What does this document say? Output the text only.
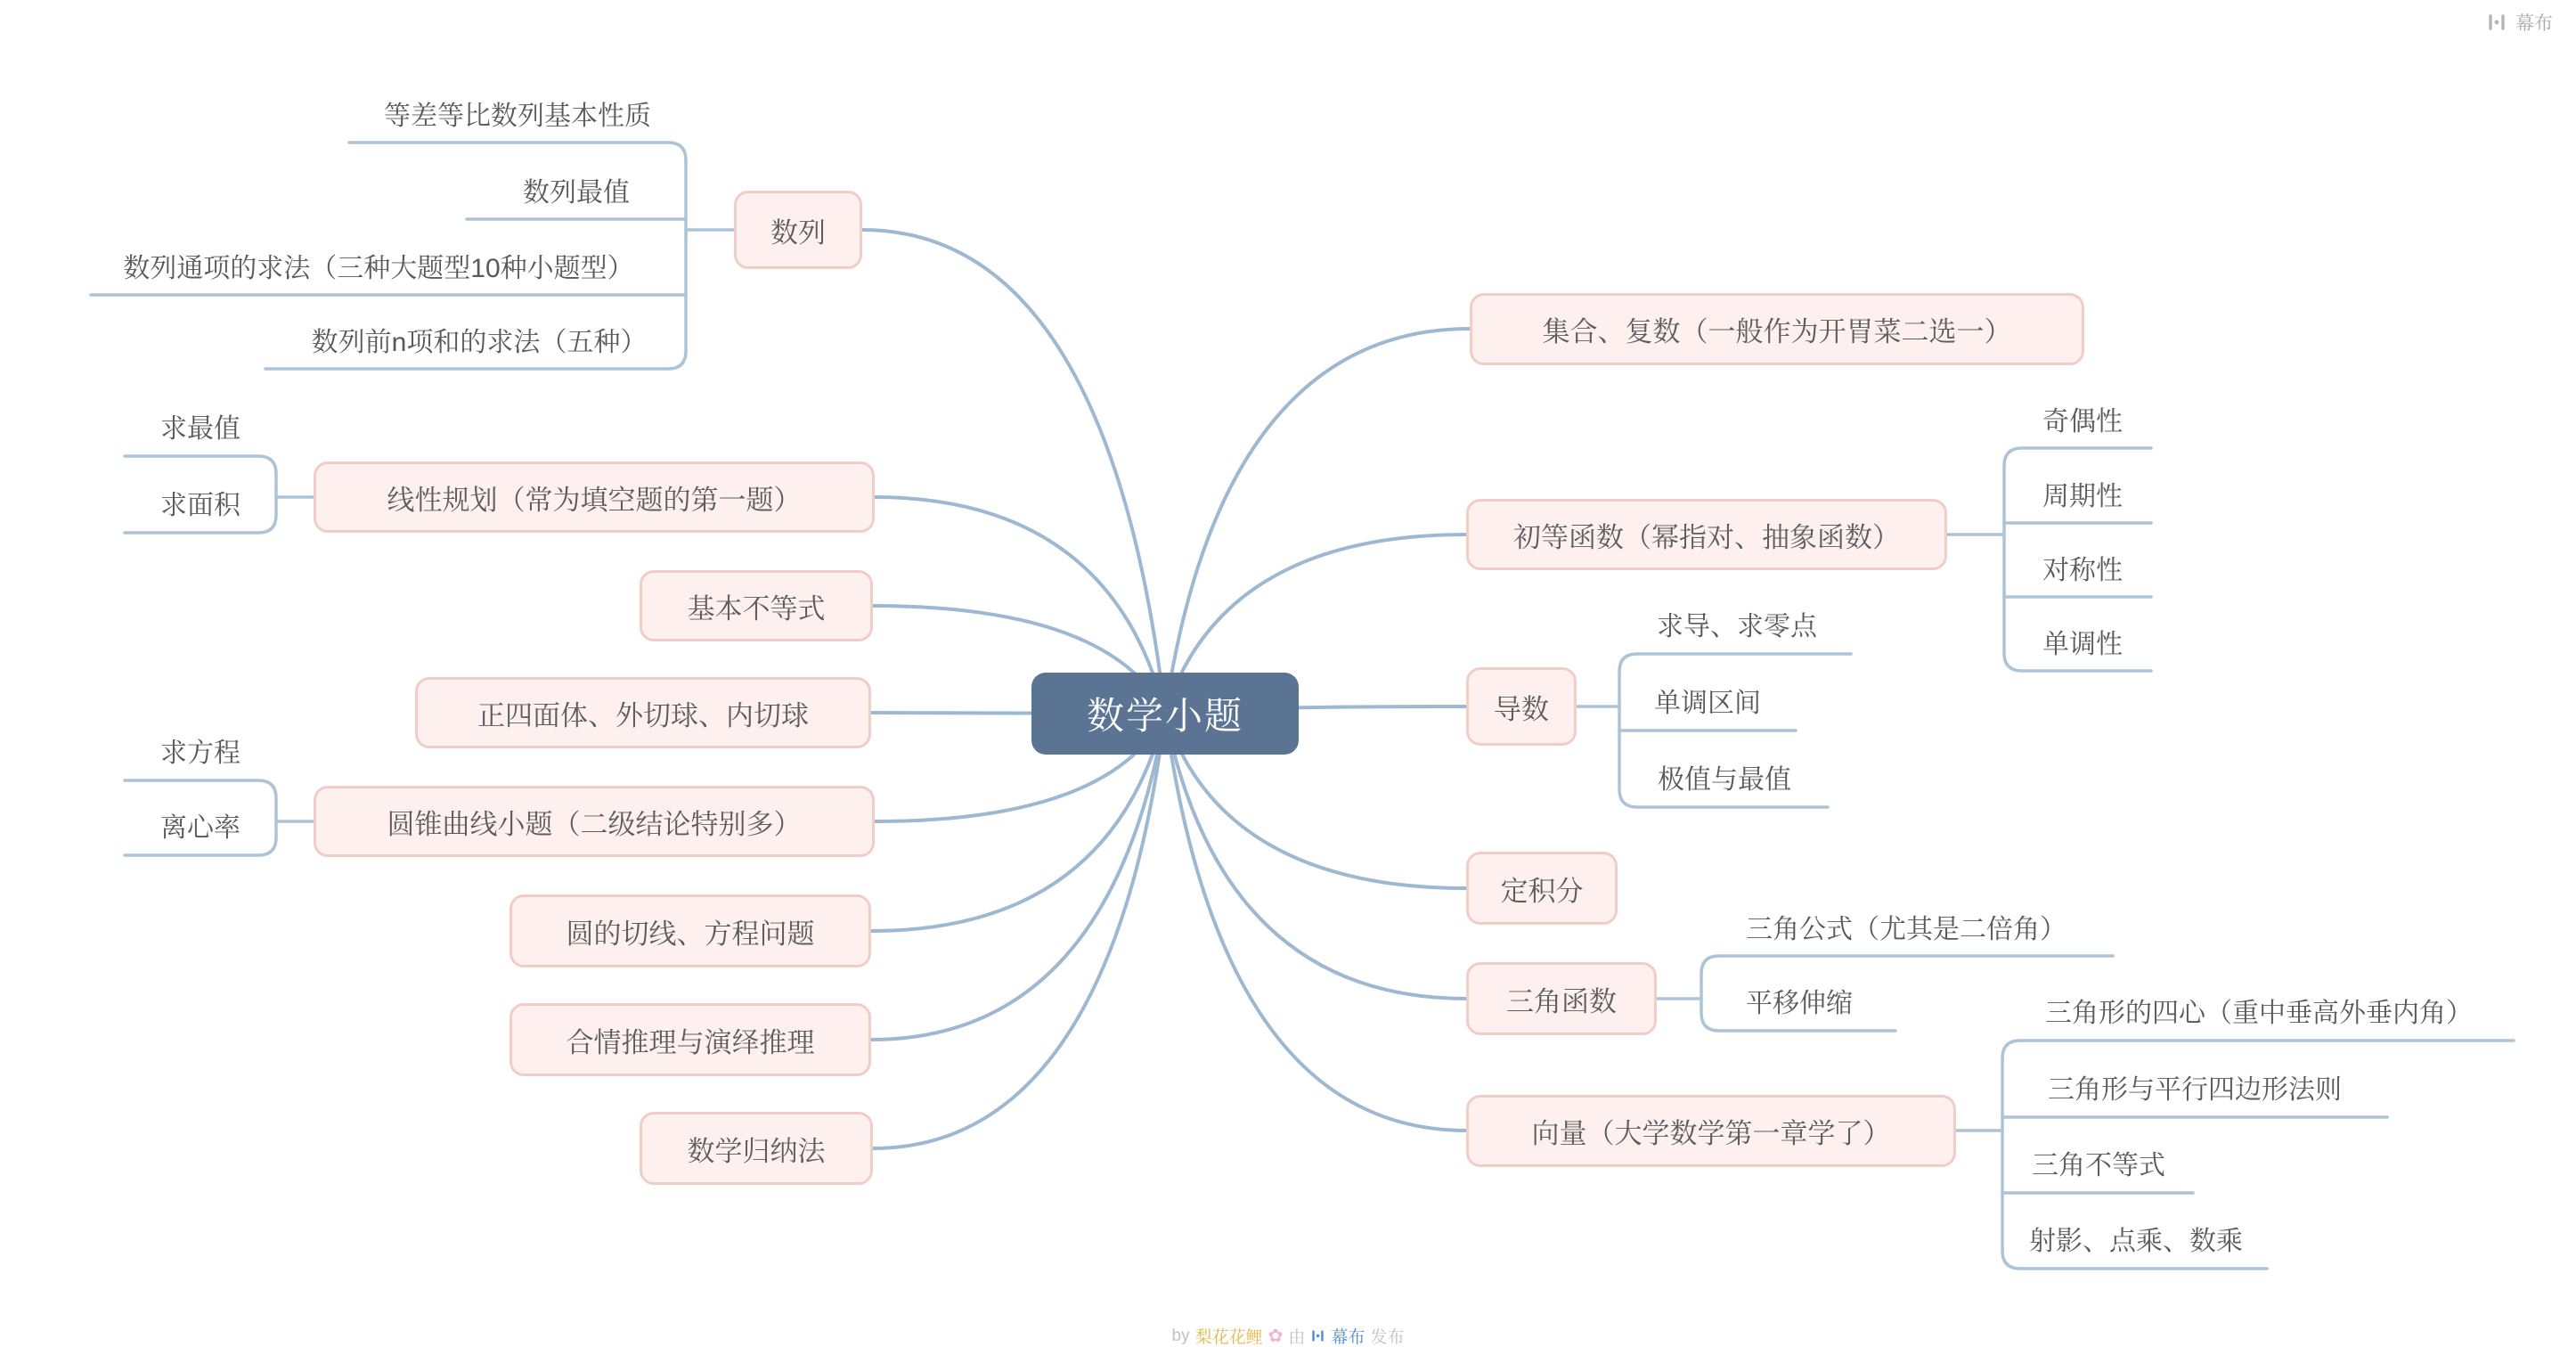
数学小题
数列
线性规划（常为填空题的第一题）
基本不等式
正四面体、外切球、内切球
圆锥曲线小题（二级结论特别多）
圆的切线、方程问题
合情推理与演绎推理
数学归纳法
集合、复数（一般作为开胃菜二选一）
初等函数（幂指对、抽象函数）
导数
定积分
三角函数
向量（大学数学第一章学了）
等差等比数列基本性质
数列最值
数列通项的求法（三种大题型10种小题型）
数列前n项和的求法（五种）
求最值
求面积
求方程
离心率
奇偶性
周期性
对称性
单调性
求导、求零点
单调区间
极值与最值
三角公式（尤其是二倍角）
平移伸缩	三角形的四心（重中垂高外垂内角）
三角形与平行四边形法则
三角不等式
射影、点乘、数乘
幕布
by 梨花花鲤 ✿ 由 幕布 发布
